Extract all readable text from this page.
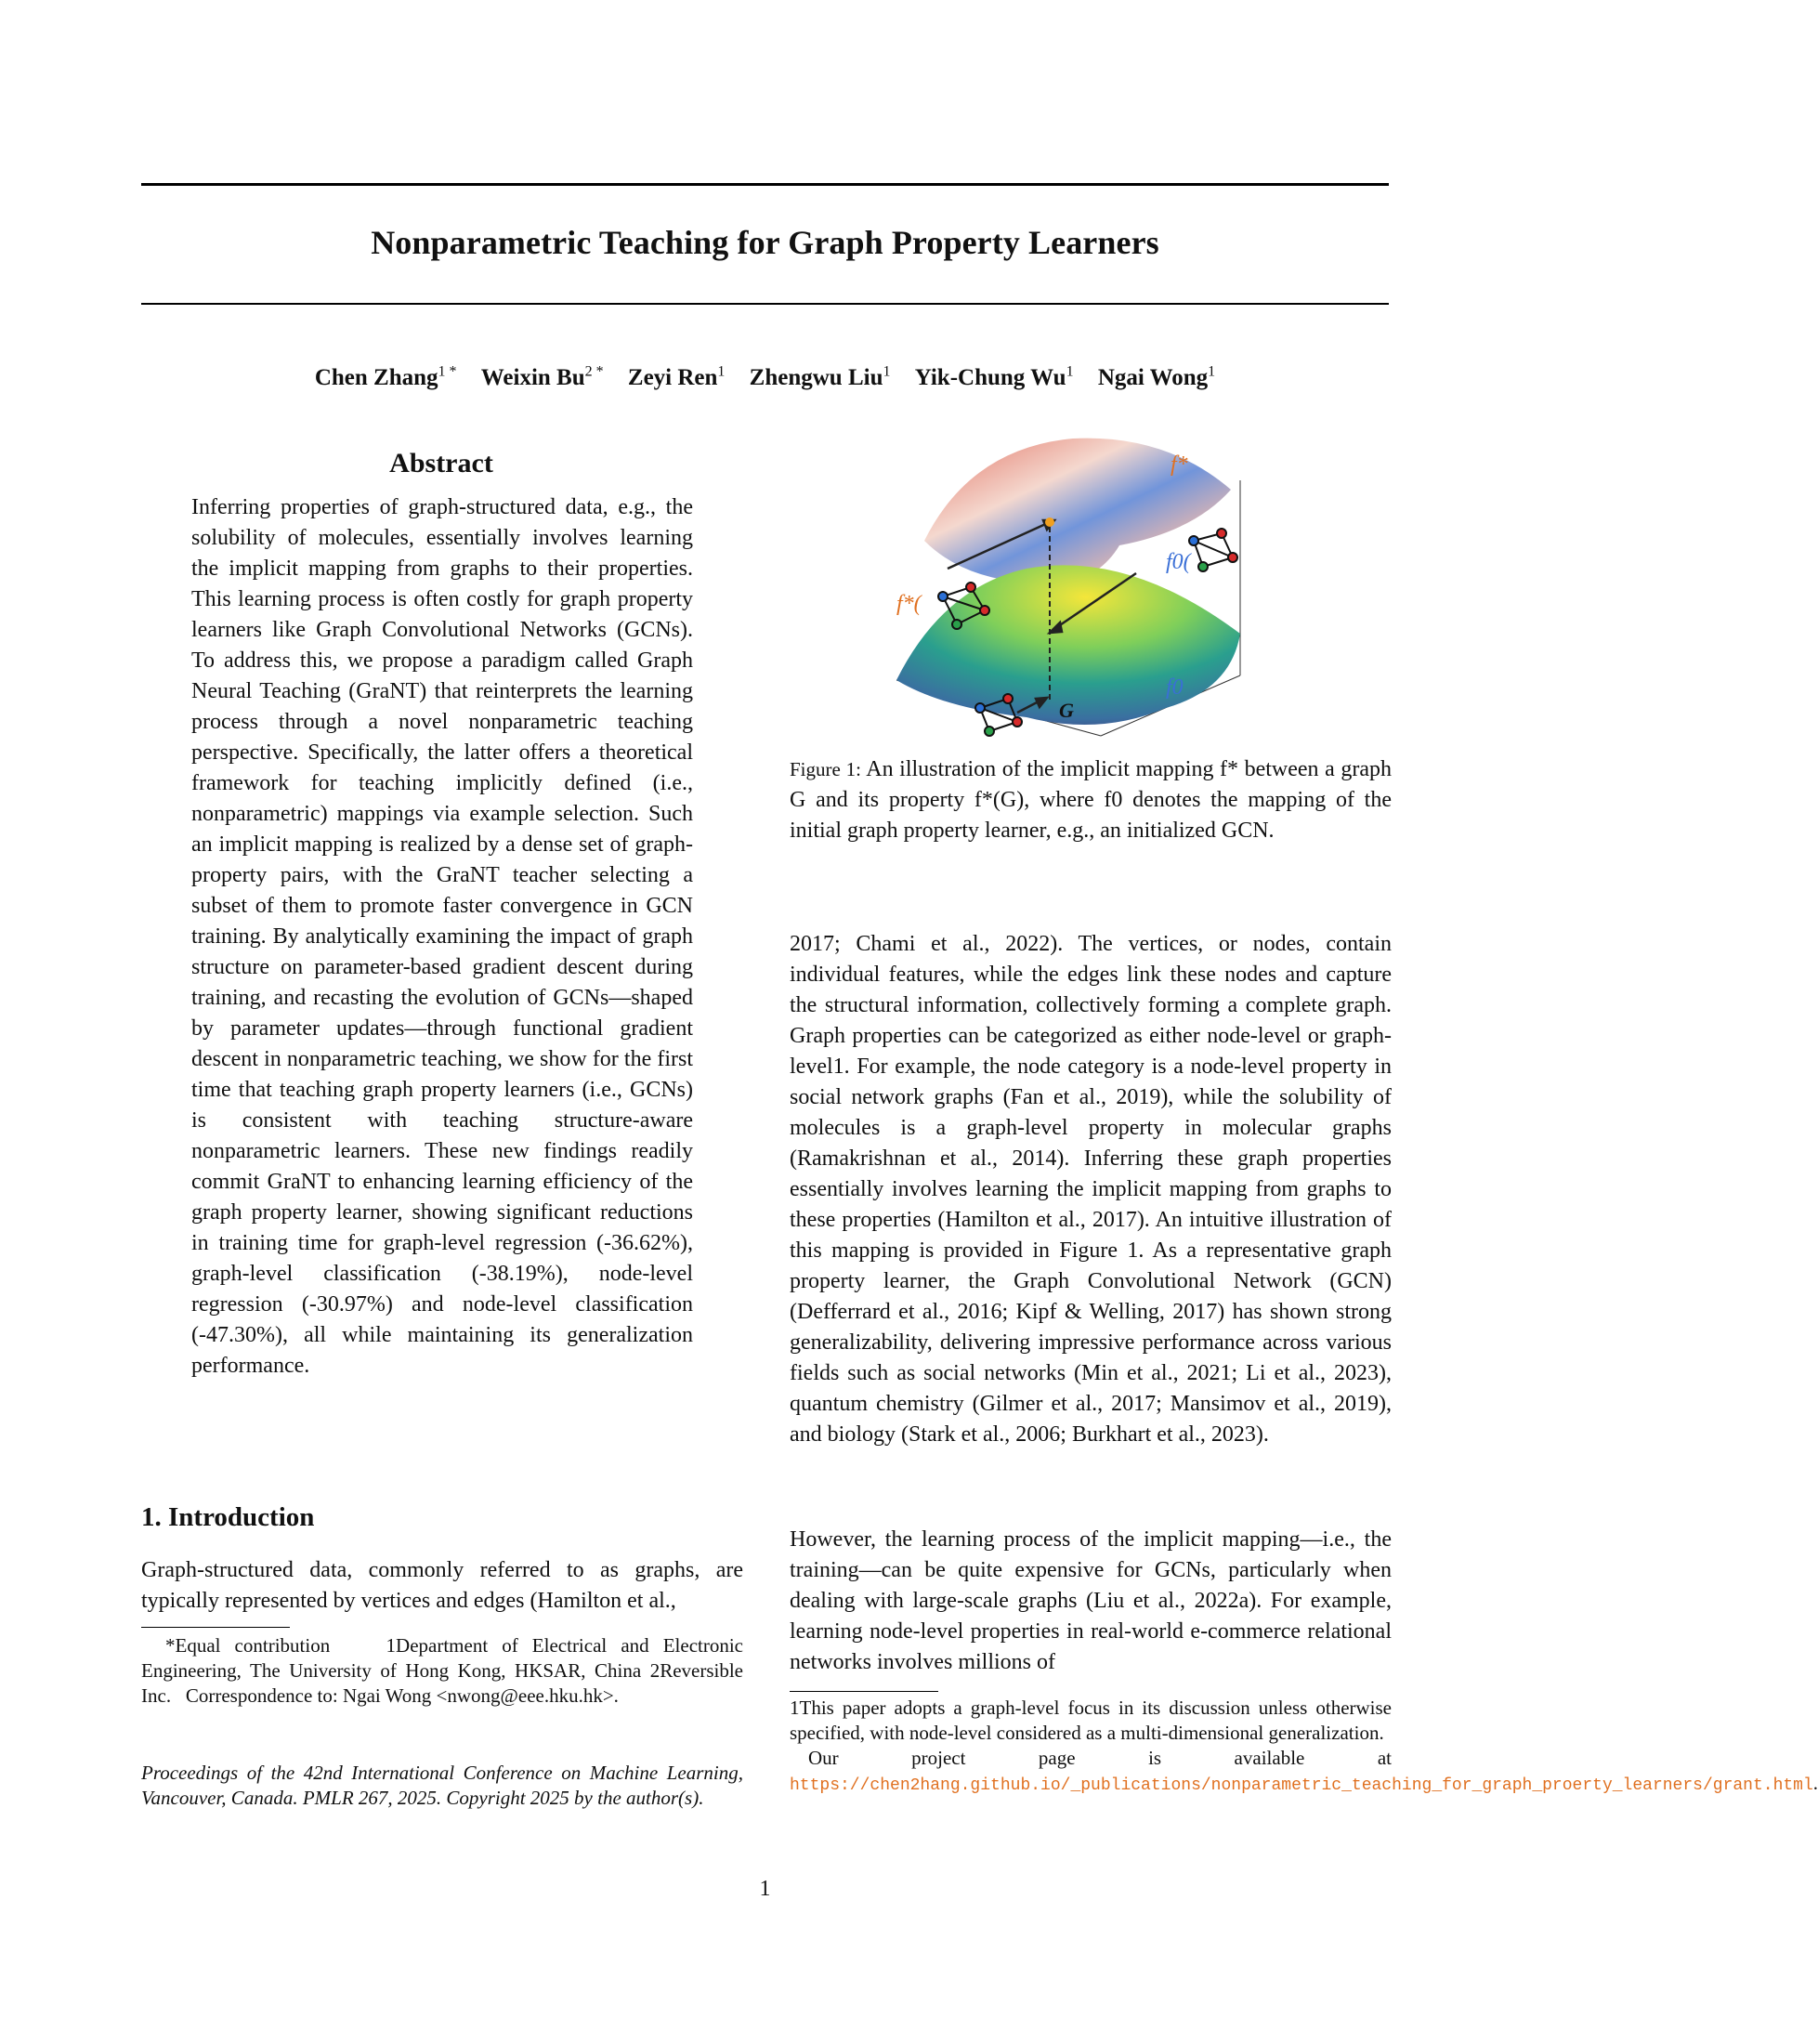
Nonparametric Teaching for Graph Property Learners
Chen Zhang$^{1 *}$ Weixin $Bu^{2 *}$ Zeyi Ren$^1$ Zhengwu Liu$^1$ Yik-Chung Wu$^1$ Ngai Wong$^1$
Abstract
Inferring properties of graph-structured data, e.g., the solubility of molecules, essentially involves learning the implicit mapping from graphs to their properties. This learning process is often costly for graph property learners like Graph Convolutional Networks (GCNs). To address this, we propose a paradigm called Graph Neural Teaching (GraNT) that reinterprets the learning process through a novel nonparametric teaching perspective. Specifically, the latter offers a theoretical framework for teaching implicitly defined (i.e., nonparametric) mappings via example selection. Such an implicit mapping is realized by a dense set of graph-property pairs, with the GraNT teacher selecting a subset of them to promote faster convergence in GCN training. By analytically examining the impact of graph structure on parameter-based gradient descent during training, and recasting the evolution of GCNs—shaped by parameter updates—through functional gradient descent in nonparametric teaching, we show for the first time that teaching graph property learners (i.e., GCNs) is consistent with teaching structure-aware nonparametric learners. These new findings readily commit GraNT to enhancing learning efficiency of the graph property learner, showing significant reductions in training time for graph-level regression (-36.62%), graph-level classification (-38.19%), node-level regression (-30.97%) and node-level classification (-47.30%), all while maintaining its generalization performance.
1. Introduction
Graph-structured data, commonly referred to as graphs, are typically represented by vertices and edges (Hamilton et al.,
*Equal contribution	1Department of Electrical and Electronic Engineering, The University of Hong Kong, HKSAR, China 2Reversible Inc. Correspondence to: Ngai Wong <nwong@eee.hku.hk>.
Proceedings of the 42nd International Conference on Machine Learning, Vancouver, Canada. PMLR 267, 2025. Copyright 2025 by the author(s).
f*
f0(
f*(
f0
G
Figure 1: An illustration of the implicit mapping f* between a graph G and its property f*(G), where f0 denotes the mapping of the initial graph property learner, e.g., an initialized GCN.
2017; Chami et al., 2022). The vertices, or nodes, contain individual features, while the edges link these nodes and capture the structural information, collectively forming a complete graph. Graph properties can be categorized as either node-level or graph-level1. For example, the node category is a node-level property in social network graphs (Fan et al., 2019), while the solubility of molecules is a graph-level property in molecular graphs (Ramakrishnan et al., 2014). Inferring these graph properties essentially involves learning the implicit mapping from graphs to these properties (Hamilton et al., 2017). An intuitive illustration of this mapping is provided in Figure 1. As a representative graph property learner, the Graph Convolutional Network (GCN) (Defferrard et al., 2016; Kipf & Welling, 2017) has shown strong generalizability, delivering impressive performance across various fields such as social networks (Min et al., 2021; Li et al., 2023), quantum chemistry (Gilmer et al., 2017; Mansimov et al., 2019), and biology (Stark et al., 2006; Burkhart et al., 2023).
However, the learning process of the implicit mapping—i.e., the training—can be quite expensive for GCNs, particularly when dealing with large-scale graphs (Liu et al., 2022a). For example, learning node-level properties in real-world e-commerce relational networks involves millions of
1This paper adopts a graph-level focus in its discussion unless otherwise specified, with node-level considered as a multi-dimensional generalization.
Our project page is available at https://chen2hang.github.io/_publications/nonparametric_teaching_for_graph_proerty_learners/grant.html.
1
